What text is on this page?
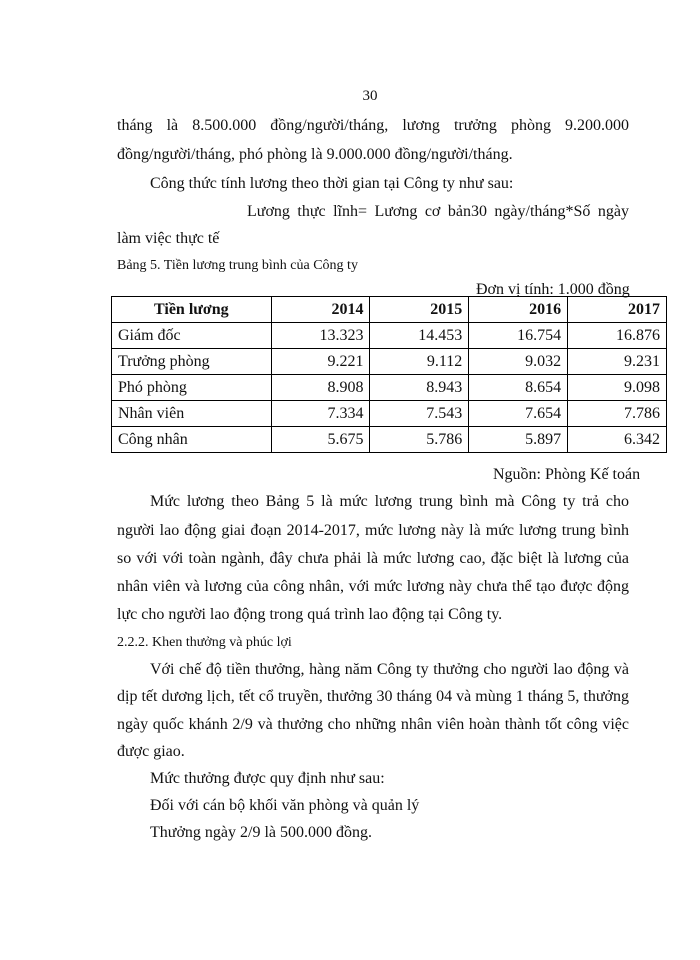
30
tháng là 8.500.000 đồng/người/tháng, lương trưởng phòng 9.200.000
đồng/người/tháng, phó phòng là 9.000.000 đồng/người/tháng.
Công thức tính lương theo thời gian tại Công ty như sau:
Lương thực lĩnh= Lương cơ bản30 ngày/tháng*Số ngày
làm việc thực tế
Bảng 5. Tiền lương trung bình của Công ty
Đơn vị tính: 1.000 đồng
Tiền lương	2014	2015	2016	2017
Giám đốc	13.323	14.453	16.754	16.876
Trưởng phòng	9.221	9.112	9.032	9.231
Phó phòng	8.908	8.943	8.654	9.098
Nhân viên	7.334	7.543	7.654	7.786
Công nhân	5.675	5.786	5.897	6.342
Nguồn: Phòng Kế toán
Mức lương theo Bảng 5 là mức lương trung bình mà Công ty trả cho
người lao động giai đoạn 2014-2017, mức lương này là mức lương trung bình
so với với toàn ngành, đây chưa phải là mức lương cao, đặc biệt là lương của
nhân viên và lương của công nhân, với mức lương này chưa thể tạo được động
lực cho người lao động trong quá trình lao động tại Công ty.
2.2.2. Khen thưởng và phúc lợi
Với chế độ tiền thưởng, hàng năm Công ty thưởng cho người lao động và
dịp tết dương lịch, tết cổ truyền, thưởng 30 tháng 04 và mùng 1 tháng 5, thưởng
ngày quốc khánh 2/9 và thưởng cho những nhân viên hoàn thành tốt công việc
được giao.
Mức thưởng được quy định như sau:
Đối với cán bộ khối văn phòng và quản lý
Thưởng ngày 2/9 là 500.000 đồng.
